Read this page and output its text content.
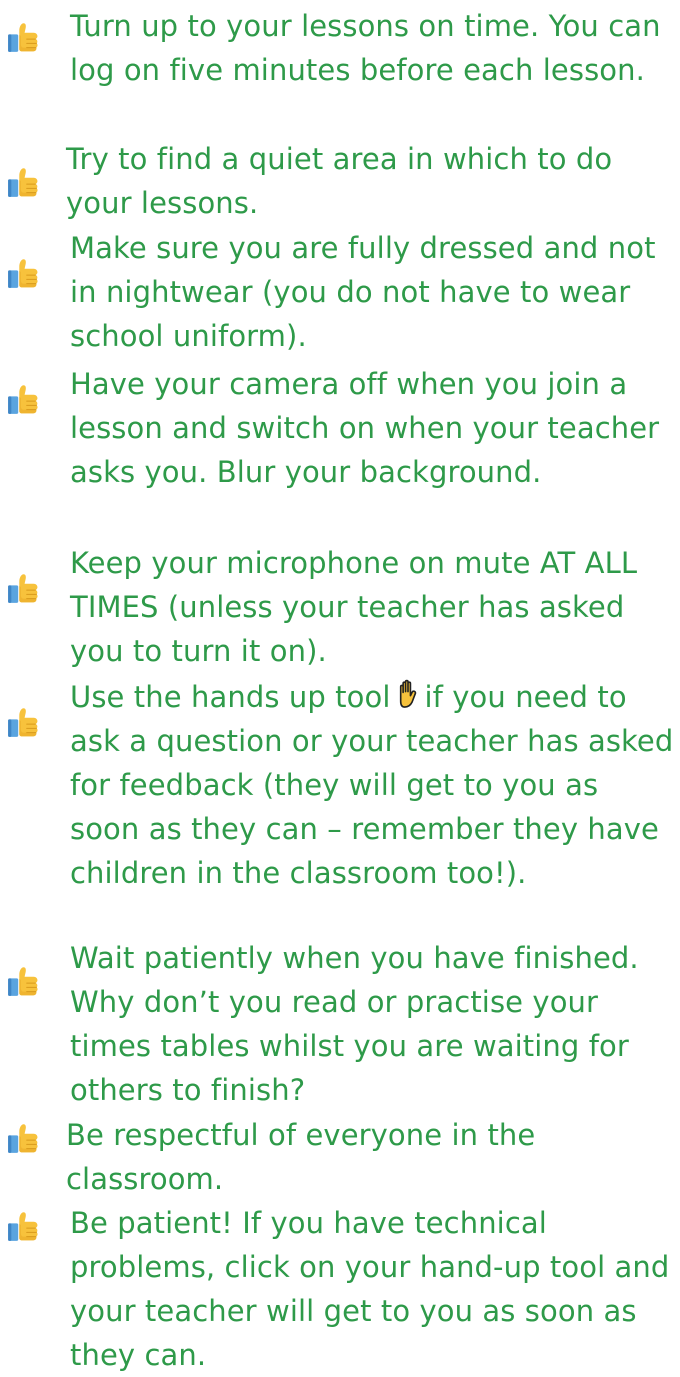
Turn up to your lessons on time. You can log on five minutes before each lesson.

Try to find a quiet area in which to do your lessons.

Make sure you are fully dressed and not in nightwear (you do not have to wear school uniform).

Have your camera off when you join a lesson and switch on when your teacher asks you. Blur your background.

Keep your microphone on mute AT ALL TIMES (unless your teacher has asked you to turn it on).

Use the hands up tool if you need to ask a question or your teacher has asked for feedback (they will get to you as soon as they can – remember they have children in the classroom too!).

Wait patiently when you have finished. Why don’t you read or practise your times tables whilst you are waiting for others to finish?

Be respectful of everyone in the classroom.

Be patient! If you have technical problems, click on your hand-up tool and your teacher will get to you as soon as they can.
